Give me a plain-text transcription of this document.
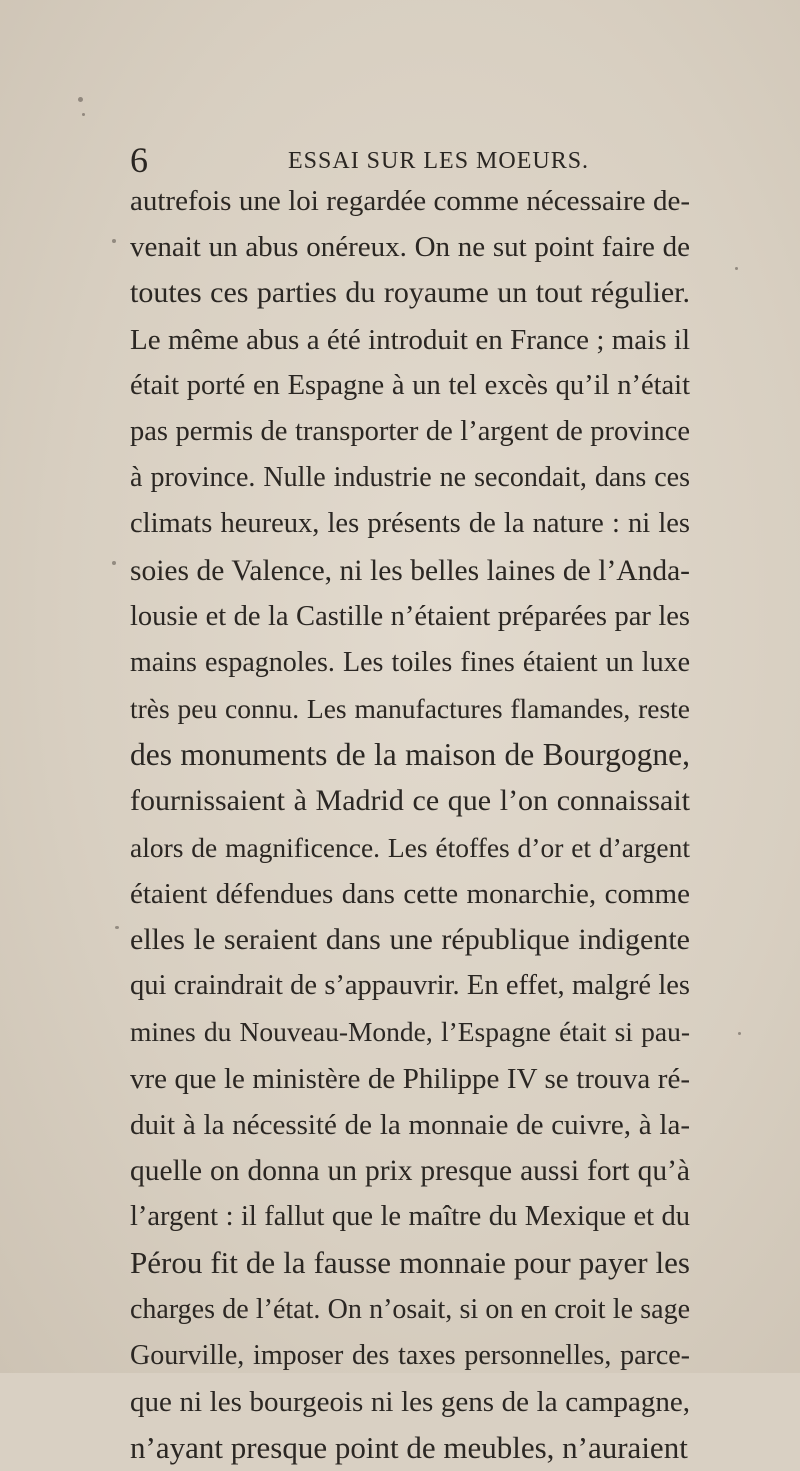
6	ESSAI SUR LES MOEURS.
autrefois une loi regardée comme nécessaire de-
venait un abus onéreux. On ne sut point faire de
toutes ces parties du royaume un tout régulier.
Le même abus a été introduit en France ; mais il
était porté en Espagne à un tel excès qu’il n’était
pas permis de transporter de l’argent de province
à province. Nulle industrie ne secondait, dans ces
climats heureux, les présents de la nature : ni les
soies de Valence, ni les belles laines de l’Anda-
lousie et de la Castille n’étaient préparées par les
mains espagnoles. Les toiles fines étaient un luxe
très peu connu. Les manufactures flamandes, reste
des monuments de la maison de Bourgogne,
fournissaient à Madrid ce que l’on connaissait
alors de magnificence. Les étoffes d’or et d’argent
étaient défendues dans cette monarchie, comme
elles le seraient dans une république indigente
qui craindrait de s’appauvrir. En effet, malgré les
mines du Nouveau-Monde, l’Espagne était si pau-
vre que le ministère de Philippe IV se trouva ré-
duit à la nécessité de la monnaie de cuivre, à la-
quelle on donna un prix presque aussi fort qu’à
l’argent : il fallut que le maître du Mexique et du
Pérou fit de la fausse monnaie pour payer les
charges de l’état. On n’osait, si on en croit le sage
Gourville, imposer des taxes personnelles, parce-
que ni les bourgeois ni les gens de la campagne,
n’ayant presque point de meubles, n’auraient
